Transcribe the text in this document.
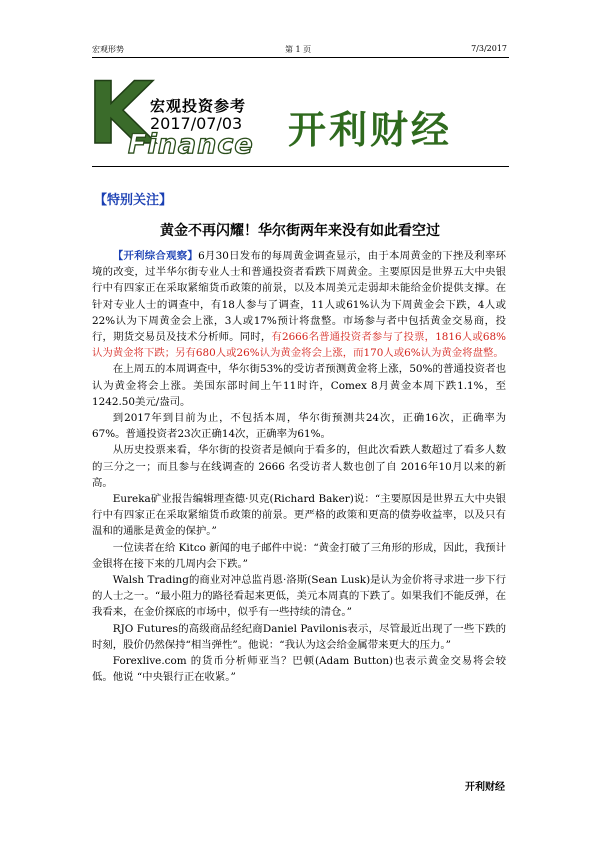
宏观形势	第 1 页	7/3/2017
K 宏观投资参考
2017/07/03
Finance 开利财经
【特别关注】
黄金不再闪耀！华尔街两年来没有如此看空过

【开利综合观察】6月30日发布的每周黄金调查显示，由于本周黄金的下挫及利率环境的改变，过半华尔街专业人士和普通投资者看跌下周黄金。主要原因是世界五大中央银行中有四家正在采取紧缩货币政策的前景，以及本周美元走弱却未能给金价提供支撑。在针对专业人士的调查中，有18人参与了调查，11人或61%认为下周黄金会下跌，4人或22%认为下周黄金会上涨，3人或17%预计将盘整。市场参与者中包括黄金交易商，投行，期货交易员及技术分析师。同时，有2666名普通投资者参与了投票，1816人或68%认为黄金将下跌；另有680人或26%认为黄金将会上涨，而170人或6%认为黄金将盘整。

在上周五的本周调查中，华尔街53%的受访者预测黄金将上涨，50%的普通投资者也认为黄金将会上涨。美国东部时间上午11时许，Comex 8月黄金本周下跌1.1%，至1242.50美元/盎司。

到2017年到目前为止，不包括本周，华尔街预测共24次，正确16次，正确率为67%。普通投资者23次正确14次，正确率为61%。

从历史投票来看，华尔街的投资者是倾向于看多的，但此次看跌人数超过了看多人数的三分之一；而且参与在线调查的 2666 名受访者人数也创了自 2016年10月以来的新高。

Eureka矿业报告编辑理查德·贝克(Richard Baker)说：“主要原因是世界五大中央银行中有四家正在采取紧缩货币政策的前景。更严格的政策和更高的债券收益率，以及只有温和的通胀是黄金的保护。”

一位读者在给 Kitco 新闻的电子邮件中说：“黄金打破了三角形的形成，因此，我预计金银将在接下来的几周内会下跌。”

Walsh Trading的商业对冲总监肖恩·洛斯(Sean Lusk)是认为金价将寻求进一步下行的人士之一。“最小阻力的路径看起来更低，美元本周真的下跌了。如果我们不能反弹，在我看来，在金价探底的市场中，似乎有一些持续的清仓。”

RJO Futures的高级商品经纪商Daniel Pavilonis表示，尽管最近出现了一些下跌的时刻，股价仍然保持“相当弹性”。他说：“我认为这会给金属带来更大的压力。”

Forexlive.com 的货币分析师亚当？巴顿(Adam Button)也表示黄金交易将会较低。他说 “中央银行正在收紧。”

开利财经
